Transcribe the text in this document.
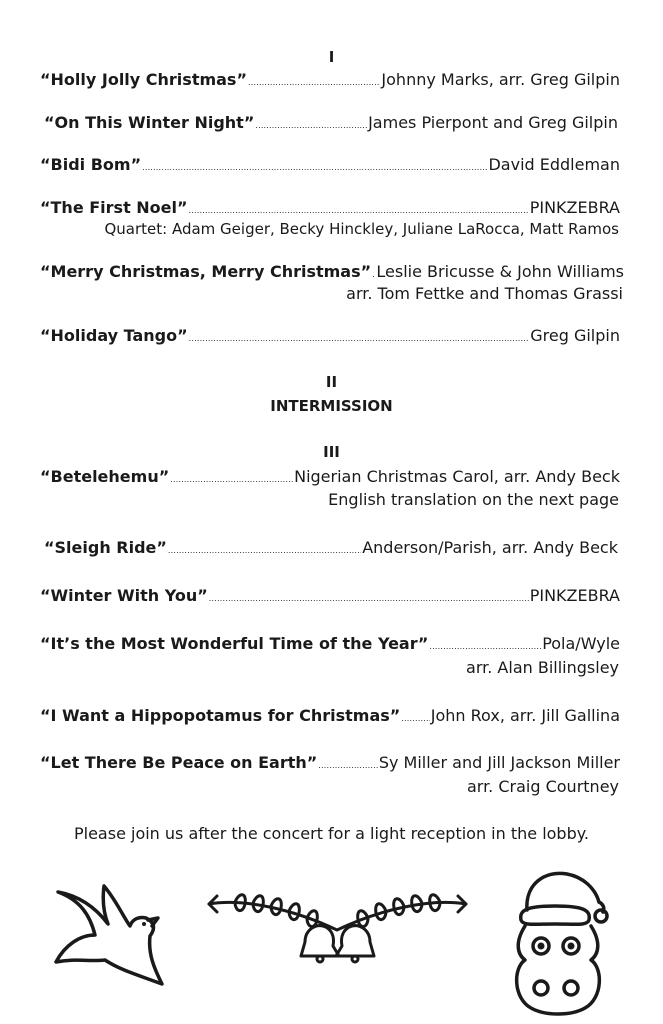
I
“Holly Jolly Christmas” .....	Johnny Marks, arr. Greg Gilpin
“On This Winter Night” .....	James Pierpont and Greg Gilpin
“Bidi Bom” .....	David Eddleman
“The First Noel” .....	PINKZEBRA
Quartet: Adam Geiger, Becky Hinckley, Juliane LaRocca, Matt Ramos
“Merry Christmas, Merry Christmas” ..... Leslie Bricusse & John Williams
arr. Tom Fettke and Thomas Grassi
“Holiday Tango” .....	Greg Gilpin
II
INTERMISSION
III
“Betelehemu” .....	Nigerian Christmas Carol, arr. Andy Beck
English translation on the next page
“Sleigh Ride” .....	Anderson/Parish, arr. Andy Beck
“Winter With You” .....	PINKZEBRA
“It’s the Most Wonderful Time of the Year” .....	Pola/Wyle
arr. Alan Billingsley
“I Want a Hippopotamus for Christmas” ..... John Rox, arr. Jill Gallina
“Let There Be Peace on Earth” .....	Sy Miller and Jill Jackson Miller
arr. Craig Courtney
Please join us after the concert for a light reception in the lobby.
